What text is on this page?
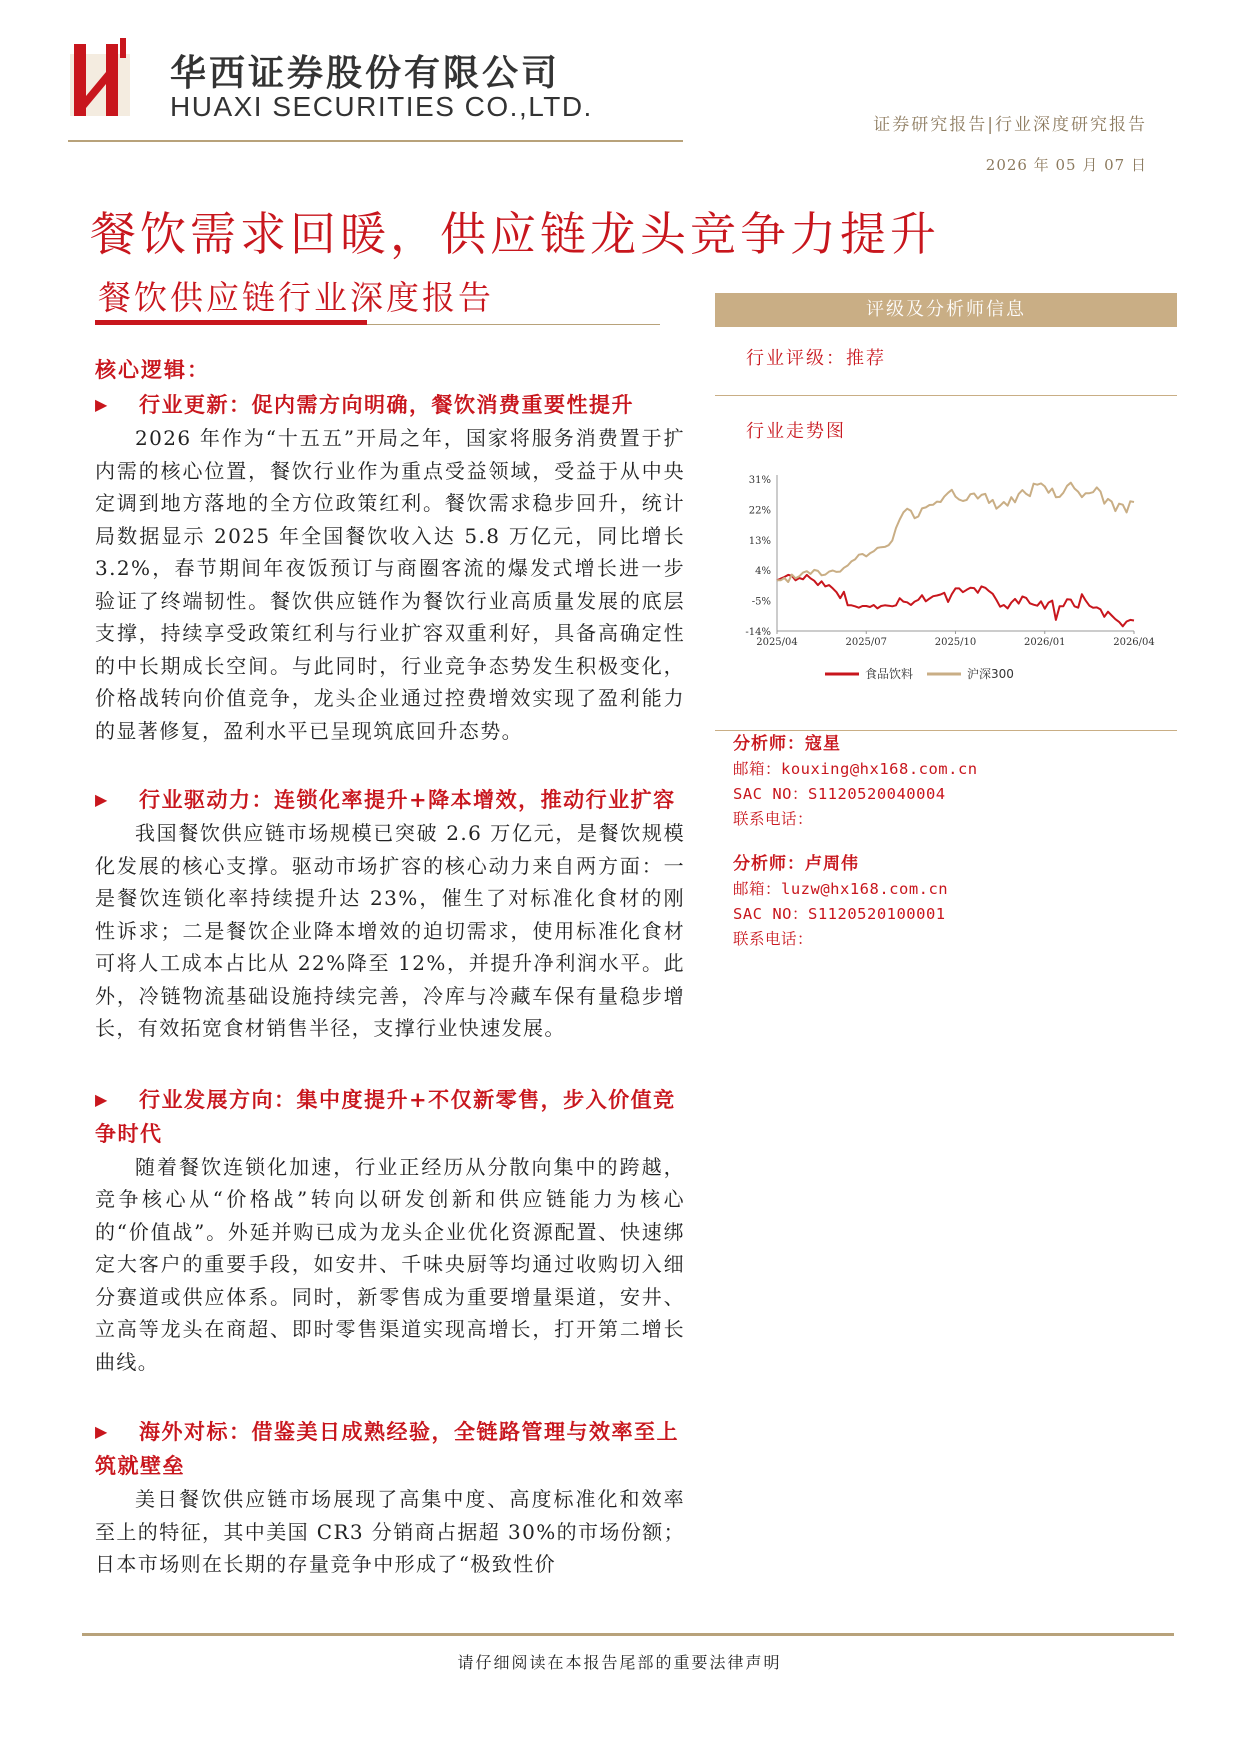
华西证券股份有限公司
HUAXI SECURITIES CO.,LTD.
证券研究报告|行业深度研究报告
2026 年 05 月 07 日
餐饮需求回暖，供应链龙头竞争力提升
餐饮供应链行业深度报告
核心逻辑：
▶ 行业更新：促内需方向明确，餐饮消费重要性提升

2026 年作为“十五五”开局之年，国家将服务消费置于扩内需的核心位置，餐饮行业作为重点受益领域，受益于从中央定调到地方落地的全方位政策红利。餐饮需求稳步回升，统计局数据显示 2025 年全国餐饮收入达 5.8 万亿元，同比增长 3.2%，春节期间年夜饭预订与商圈客流的爆发式增长进一步验证了终端韧性。餐饮供应链作为餐饮行业高质量发展的底层支撑，持续享受政策红利与行业扩容双重利好，具备高确定性的中长期成长空间。与此同时，行业竞争态势发生积极变化，价格战转向价值竞争，龙头企业通过控费增效实现了盈利能力的显著修复，盈利水平已呈现筑底回升态势。

▶ 行业驱动力：连锁化率提升+降本增效，推动行业扩容

我国餐饮供应链市场规模已突破 2.6 万亿元，是餐饮规模化发展的核心支撑。驱动市场扩容的核心动力来自两方面：一是餐饮连锁化率持续提升达 23%，催生了对标准化食材的刚性诉求；二是餐饮企业降本增效的迫切需求，使用标准化食材可将人工成本占比从 22%降至 12%，并提升净利润水平。此外，冷链物流基础设施持续完善，冷库与冷藏车保有量稳步增长，有效拓宽食材销售半径，支撑行业快速发展。

▶ 行业发展方向：集中度提升+不仅新零售，步入价值竞争时代

随着餐饮连锁化加速，行业正经历从分散向集中的跨越，竞争核心从“价格战”转向以研发创新和供应链能力为核心的“价值战”。外延并购已成为龙头企业优化资源配置、快速绑定大客户的重要手段，如安井、千味央厨等均通过收购切入细分赛道或供应体系。同时，新零售成为重要增量渠道，安井、立高等龙头在商超、即时零售渠道实现高增长，打开第二增长曲线。

▶ 海外对标：借鉴美日成熟经验，全链路管理与效率至上筑就壁垒

美日餐饮供应链市场展现了高集中度、高度标准化和效率至上的特征，其中美国 CR3 分销商占据超 30%的市场份额；日本市场则在长期的存量竞争中形成了“极致性价

评级及分析师信息
行业评级：推荐
行业走势图
31%
22%
13%
4%
-5%
-14%
2025/04	2025/07	2025/10	2026/01	2026/04
食品饮料	沪深300
分析师：寇星
邮箱：kouxing@hx168.com.cn
SAC NO：S1120520040004
联系电话：
分析师：卢周伟
邮箱：luzw@hx168.com.cn
SAC NO：S1120520100001
联系电话：
请仔细阅读在本报告尾部的重要法律声明
